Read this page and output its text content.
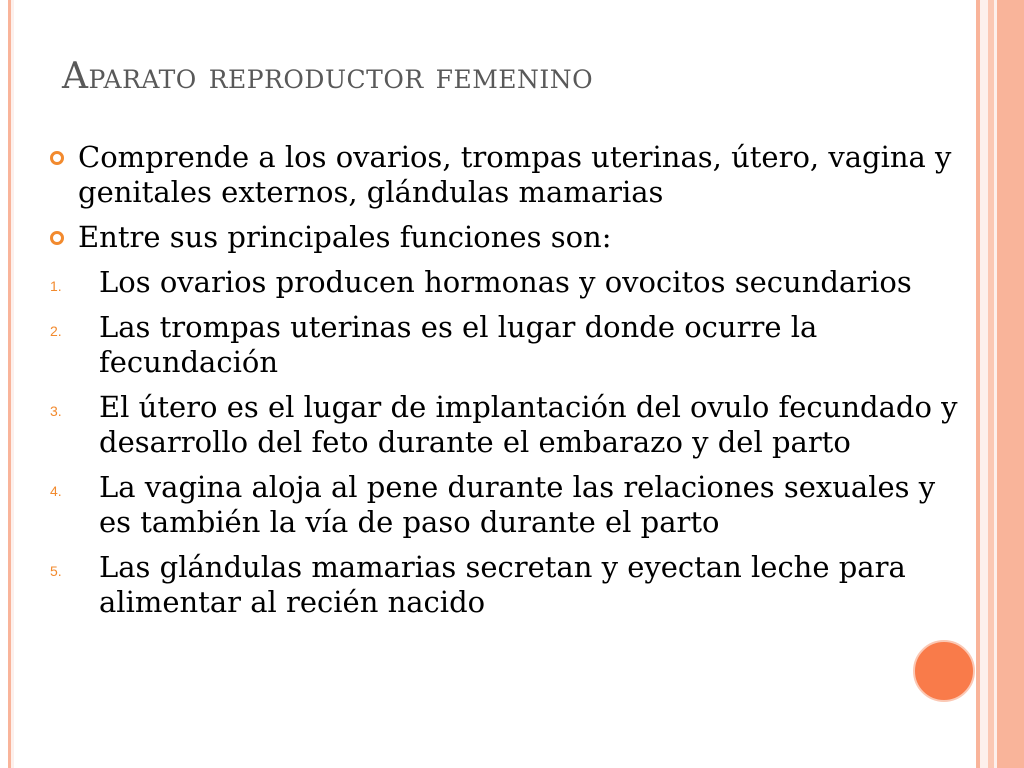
Aparato reproductor femenino
Comprende a los ovarios, trompas uterinas, útero, vagina y genitales externos, glándulas mamarias
Entre sus principales funciones son:
1. Los ovarios producen hormonas y ovocitos secundarios
2. Las trompas uterinas es el lugar donde ocurre la fecundación
3. El útero es el lugar de implantación del ovulo fecundado y desarrollo del feto durante el embarazo y del parto
4. La vagina aloja al pene durante las relaciones sexuales y es también la vía de paso durante el parto
5. Las glándulas mamarias secretan y eyectan leche para alimentar al recién nacido
